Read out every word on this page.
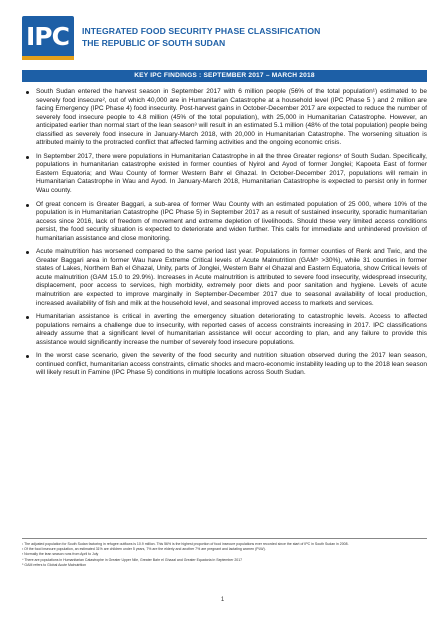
IPC INTEGRATED FOOD SECURITY PHASE CLASSIFICATION
THE REPUBLIC OF SOUTH SUDAN
KEY IPC FINDINGS : SEPTEMBER 2017 – MARCH 2018
South Sudan entered the harvest season in September 2017 with 6 million people (56% of the total population¹) estimated to be severely food insecure², out of which 40,000 are in Humanitarian Catastrophe at a household level (IPC Phase 5 ) and 2 million are facing Emergency (IPC Phase 4) food insecurity. Post-harvest gains in October-December 2017 are expected to reduce the number of severely food insecure people to 4.8 million (45% of the total population), with 25,000 in Humanitarian Catastrophe. However, an anticipated earlier than normal start of the lean season³ will result in an estimated 5.1 million (48% of the total population) people being classified as severely food insecure in January-March 2018, with 20,000 in Humanitarian Catastrophe. The worsening situation is attributed mainly to the protracted conflict that affected farming activities and the ongoing economic crisis.
In September 2017, there were populations in Humanitarian Catastrophe in all the three Greater regions⁴ of South Sudan. Specifically, populations in humanitarian catastrophe existed in former counties of Nyirol and Ayod of former Jonglei; Kapoeta East of former Eastern Equatoria; and Wau County of former Western Bahr el Ghazal. In October-December 2017, populations will remain in Humanitarian Catastrophe in Wau and Ayod. In January-March 2018, Humanitarian Catastrophe is expected to persist only in former Wau county.
Of great concern is Greater Baggari, a sub-area of former Wau County with an estimated population of 25 000, where 10% of the population is in Humanitarian Catastrophe (IPC Phase 5) in September 2017 as a result of sustained insecurity, sporadic humanitarian access since 2016, lack of freedom of movement and extreme depletion of livelihoods. Should these very limited access conditions persist, the food security situation is expected to deteriorate and widen further. This calls for immediate and unhindered provision of humanitarian assistance and close monitoring.
Acute malnutrition has worsened compared to the same period last year. Populations in former counties of Renk and Twic, and the Greater Baggari area in former Wau have Extreme Critical levels of Acute Malnutrition (GAM⁵ >30%), while 31 counties in former states of Lakes, Northern Bah el Ghazal, Unity, parts of Jonglei, Western Bahr el Ghazal and Eastern Equatoria, show Critical levels of acute malnutrition (GAM 15.0 to 29.9%). Increases in Acute malnutrition is attributed to severe food insecurity, widespread insecurity, displacement, poor access to services, high morbidity, extremely poor diets and poor sanitation and hygiene. Levels of acute malnutrition are expected to improve marginally in September-December 2017 due to seasonal availability of local production, increased availability of fish and milk at the household level, and seasonal improved access to markets and services.
Humanitarian assistance is critical in averting the emergency situation deteriorating to catastrophic levels. Access to affected populations remains a challenge due to insecurity, with reported cases of access constraints increasing in 2017. IPC classifications already assume that a significant level of humanitarian assistance will occur according to plan, and any failure to provide this assistance would significantly increase the number of severely food insecure populations.
In the worst case scenario, given the severity of the food security and nutrition situation observed during the 2017 lean season, continued conflict, humanitarian access constraints, climatic shocks and macro-economic instability leading up to the 2018 lean season will likely result in Famine (IPC Phase 5) conditions in multiple locations across South Sudan.
¹ The adjusted population for South Sudan factoring in refugee outflows is 10.9 million. This 56% is the highest proportion of food insecure populations ever recorded since the start of IPC in South Sudan in 2008.
² Of the food insecure population, an estimated 31% are children under 5 years, 7% are the elderly and another 7% are pregnant and lactating women (PLW).
³ Normally the lean season runs from April to July
⁴ There are populations in Humanitarian Catastrophe in Greater Upper Nile, Greater Bahr el Ghazal and Greater Equatoria in September 2017
⁵ GAM refers to Global Acute Malnutrition
1
